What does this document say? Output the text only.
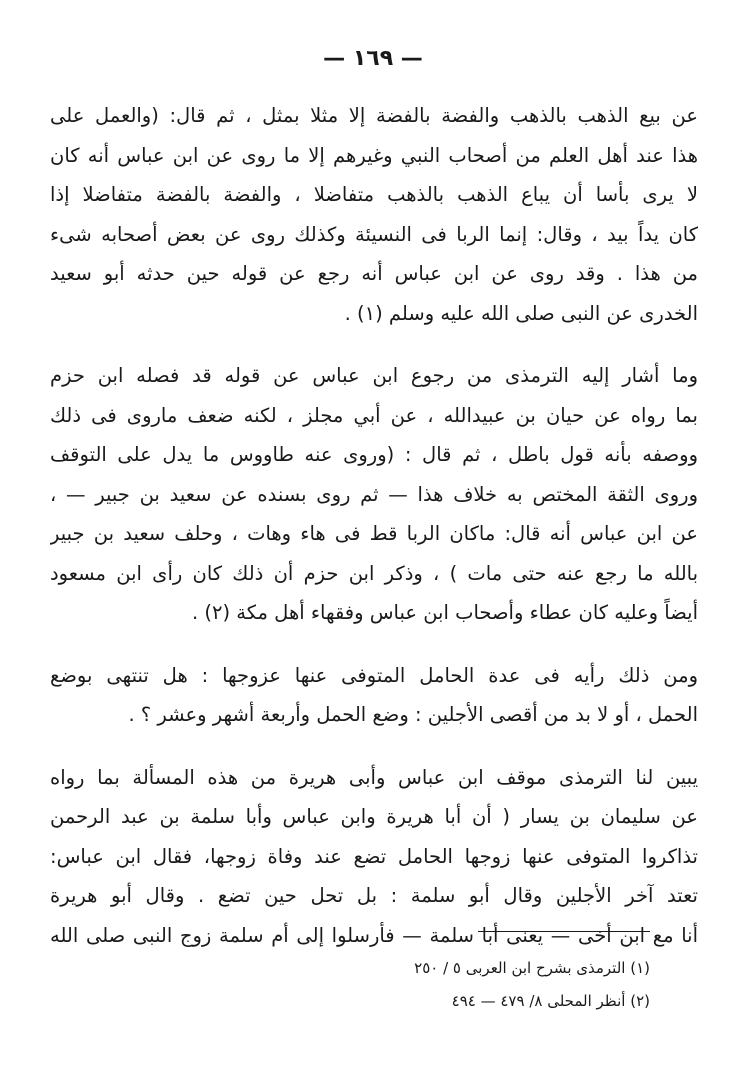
— ١٦٩ —
عن بيع الذهب بالذهب والفضة بالفضة إلا مثلا بمثل ، ثم قال: (والعمل على
هذا عند أهل العلم من أصحاب النبي وغيرهم إلا ما روى عن ابن عباس أنه كان
لا يرى بأسا أن يباع الذهب بالذهب متفاضلا ، والفضة بالفضة متفاضلا إذا
كان يداً بيد ، وقال: إنما الربا فى النسيئة وكذلك روى عن بعض أصحابه شىء
من هذا . وقد روى عن ابن عباس أنه رجع عن قوله حين حدثه أبو سعيد
الخدرى عن النبى صلى الله عليه وسلم (١) .
وما أشار إليه الترمذى من رجوع ابن عباس عن قوله قد فصله ابن حزم
بما رواه عن حيان بن عبيدالله ، عن أبي مجلز ، لكنه ضعف ماروى فى ذلك
ووصفه بأنه قول باطل ، ثم قال : (وروى عنه طاووس ما يدل على التوقف
وروى الثقة المختص به خلاف هذا — ثم روى بسنده عن سعيد بن جبير — ،
عن ابن عباس أنه قال: ماكان الربا قط فى هاء وهات ، وحلف سعيد بن جبير
بالله ما رجع عنه حتى مات ) ، وذكر ابن حزم أن ذلك كان رأى ابن مسعود
أيضاً وعليه كان عطاء وأصحاب ابن عباس وفقهاء أهل مكة (٢) .
ومن ذلك رأيه فى عدة الحامل المتوفى عنها عزوجها : هل تنتهى بوضع
الحمل ، أو لا بد من أقصى الأجلين : وضع الحمل وأربعة أشهر وعشر ؟ .
يبين لنا الترمذى موقف ابن عباس وأبى هريرة من هذه المسألة بما رواه
عن سليمان بن يسار ( أن أبا هريرة وابن عباس وأبا سلمة بن عبد الرحمن
تذاكروا المتوفى عنها زوجها الحامل تضع عند وفاة زوجها، فقال ابن عباس:
تعتد آخر الأجلين وقال أبو سلمة : بل تحل حين تضع . وقال أبو هريرة
أنا مع ابن أخى — يعنى أبا سلمة — فأرسلوا إلى أم سلمة زوج النبى صلى الله
(١) الترمذى بشرح ابن العربى ٥ / ٢٥٠
(٢) أنظر المحلى ٨/ ٤٧٩ — ٤٩٤
